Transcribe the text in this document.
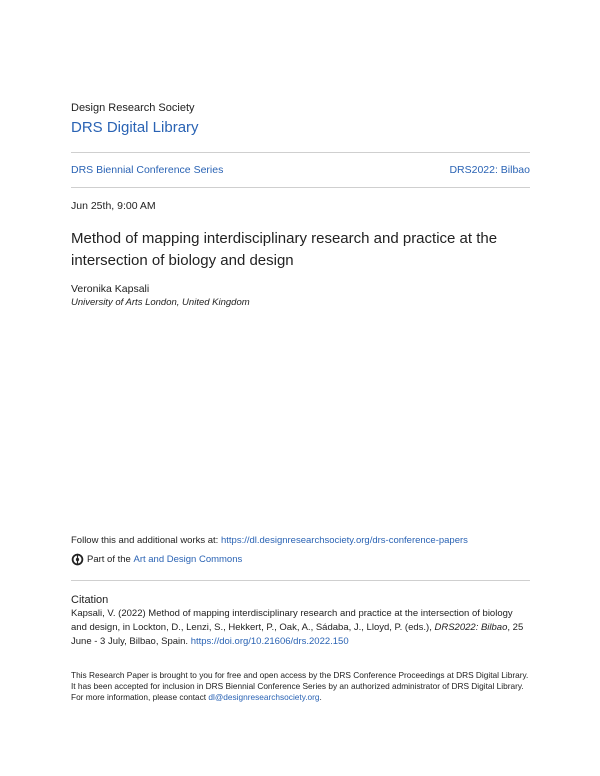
Design Research Society
DRS Digital Library
DRS Biennial Conference Series	DRS2022: Bilbao
Jun 25th, 9:00 AM
Method of mapping interdisciplinary research and practice at the intersection of biology and design
Veronika Kapsali
University of Arts London, United Kingdom
Follow this and additional works at: https://dl.designresearchsociety.org/drs-conference-papers
Part of the
Art and Design Commons
Citation
Kapsali, V. (2022) Method of mapping interdisciplinary research and practice at the intersection of biology and design, in Lockton, D., Lenzi, S., Hekkert, P., Oak, A., Sádaba, J., Lloyd, P. (eds.), DRS2022: Bilbao, 25 June - 3 July, Bilbao, Spain. https://doi.org/10.21606/drs.2022.150
This Research Paper is brought to you for free and open access by the DRS Conference Proceedings at DRS Digital Library. It has been accepted for inclusion in DRS Biennial Conference Series by an authorized administrator of DRS Digital Library. For more information, please contact dl@designresearchsociety.org.
